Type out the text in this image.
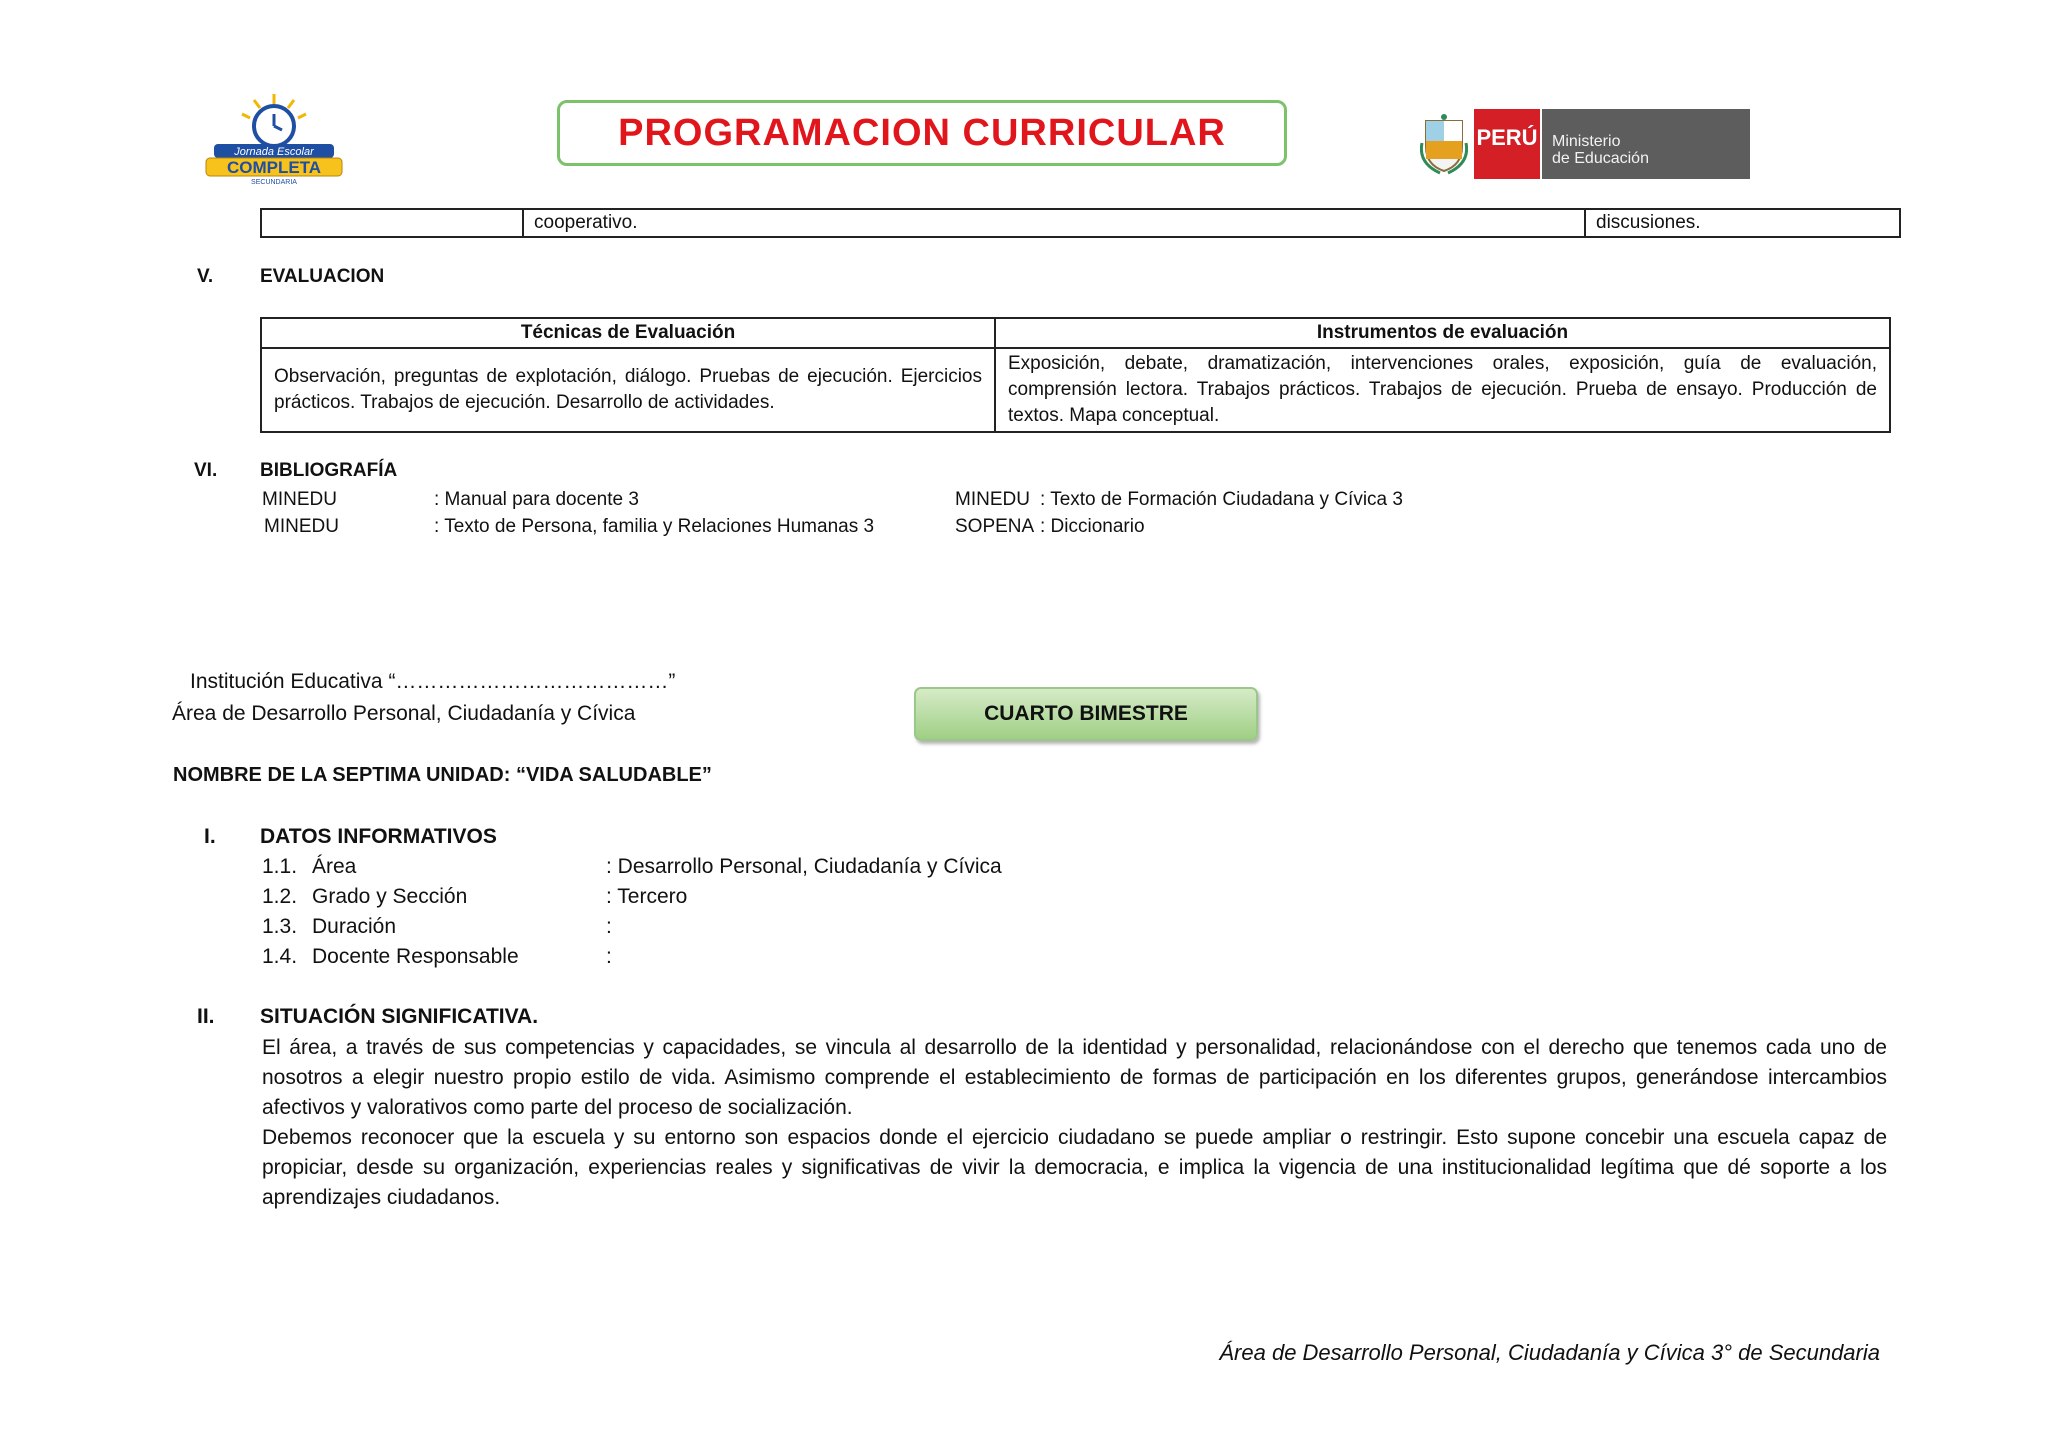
Jornada Escolar
COMPLETA
SECUNDARIA
PROGRAMACION CURRICULAR	PERÚ Ministerio
de Educación
	cooperativo.	discusiones.
V. EVALUACION
Técnicas de Evaluación	Instrumentos de evaluación
Observación, preguntas de explotación, diálogo. Pruebas de ejecución. Ejercicios prácticos. Trabajos de ejecución. Desarrollo de actividades.	Exposición, debate, dramatización, intervenciones orales, exposición, guía de evaluación, comprensión lectora. Trabajos prácticos. Trabajos de ejecución. Prueba de ensayo. Producción de textos. Mapa conceptual.
VI. BIBLIOGRAFÍA
MINEDU	: Manual para docente 3	MINEDU : Texto de Formación Ciudadana y Cívica 3
MINEDU	: Texto de Persona, familia y Relaciones Humanas 3	SOPENA : Diccionario
Institución Educativa “…………………………………”
Área de Desarrollo Personal, Ciudadanía y Cívica	CUARTO BIMESTRE
NOMBRE DE LA SEPTIMA UNIDAD: “VIDA SALUDABLE”
I. DATOS INFORMATIVOS
1.1. Área	: Desarrollo Personal, Ciudadanía y Cívica
1.2. Grado y Sección	: Tercero
1.3. Duración	:
1.4. Docente Responsable	:
II. SITUACIÓN SIGNIFICATIVA.
El área, a través de sus competencias y capacidades, se vincula al desarrollo de la identidad y personalidad, relacionándose con el derecho que tenemos cada uno de nosotros a elegir nuestro propio estilo de vida. Asimismo comprende el establecimiento de formas de participación en los diferentes grupos, generándose intercambios afectivos y valorativos como parte del proceso de socialización.
Debemos reconocer que la escuela y su entorno son espacios donde el ejercicio ciudadano se puede ampliar o restringir. Esto supone concebir una escuela capaz de propiciar, desde su organización, experiencias reales y significativas de vivir la democracia, e implica la vigencia de una institucionalidad legítima que dé soporte a los aprendizajes ciudadanos.
Área de Desarrollo Personal, Ciudadanía y Cívica 3° de Secundaria
